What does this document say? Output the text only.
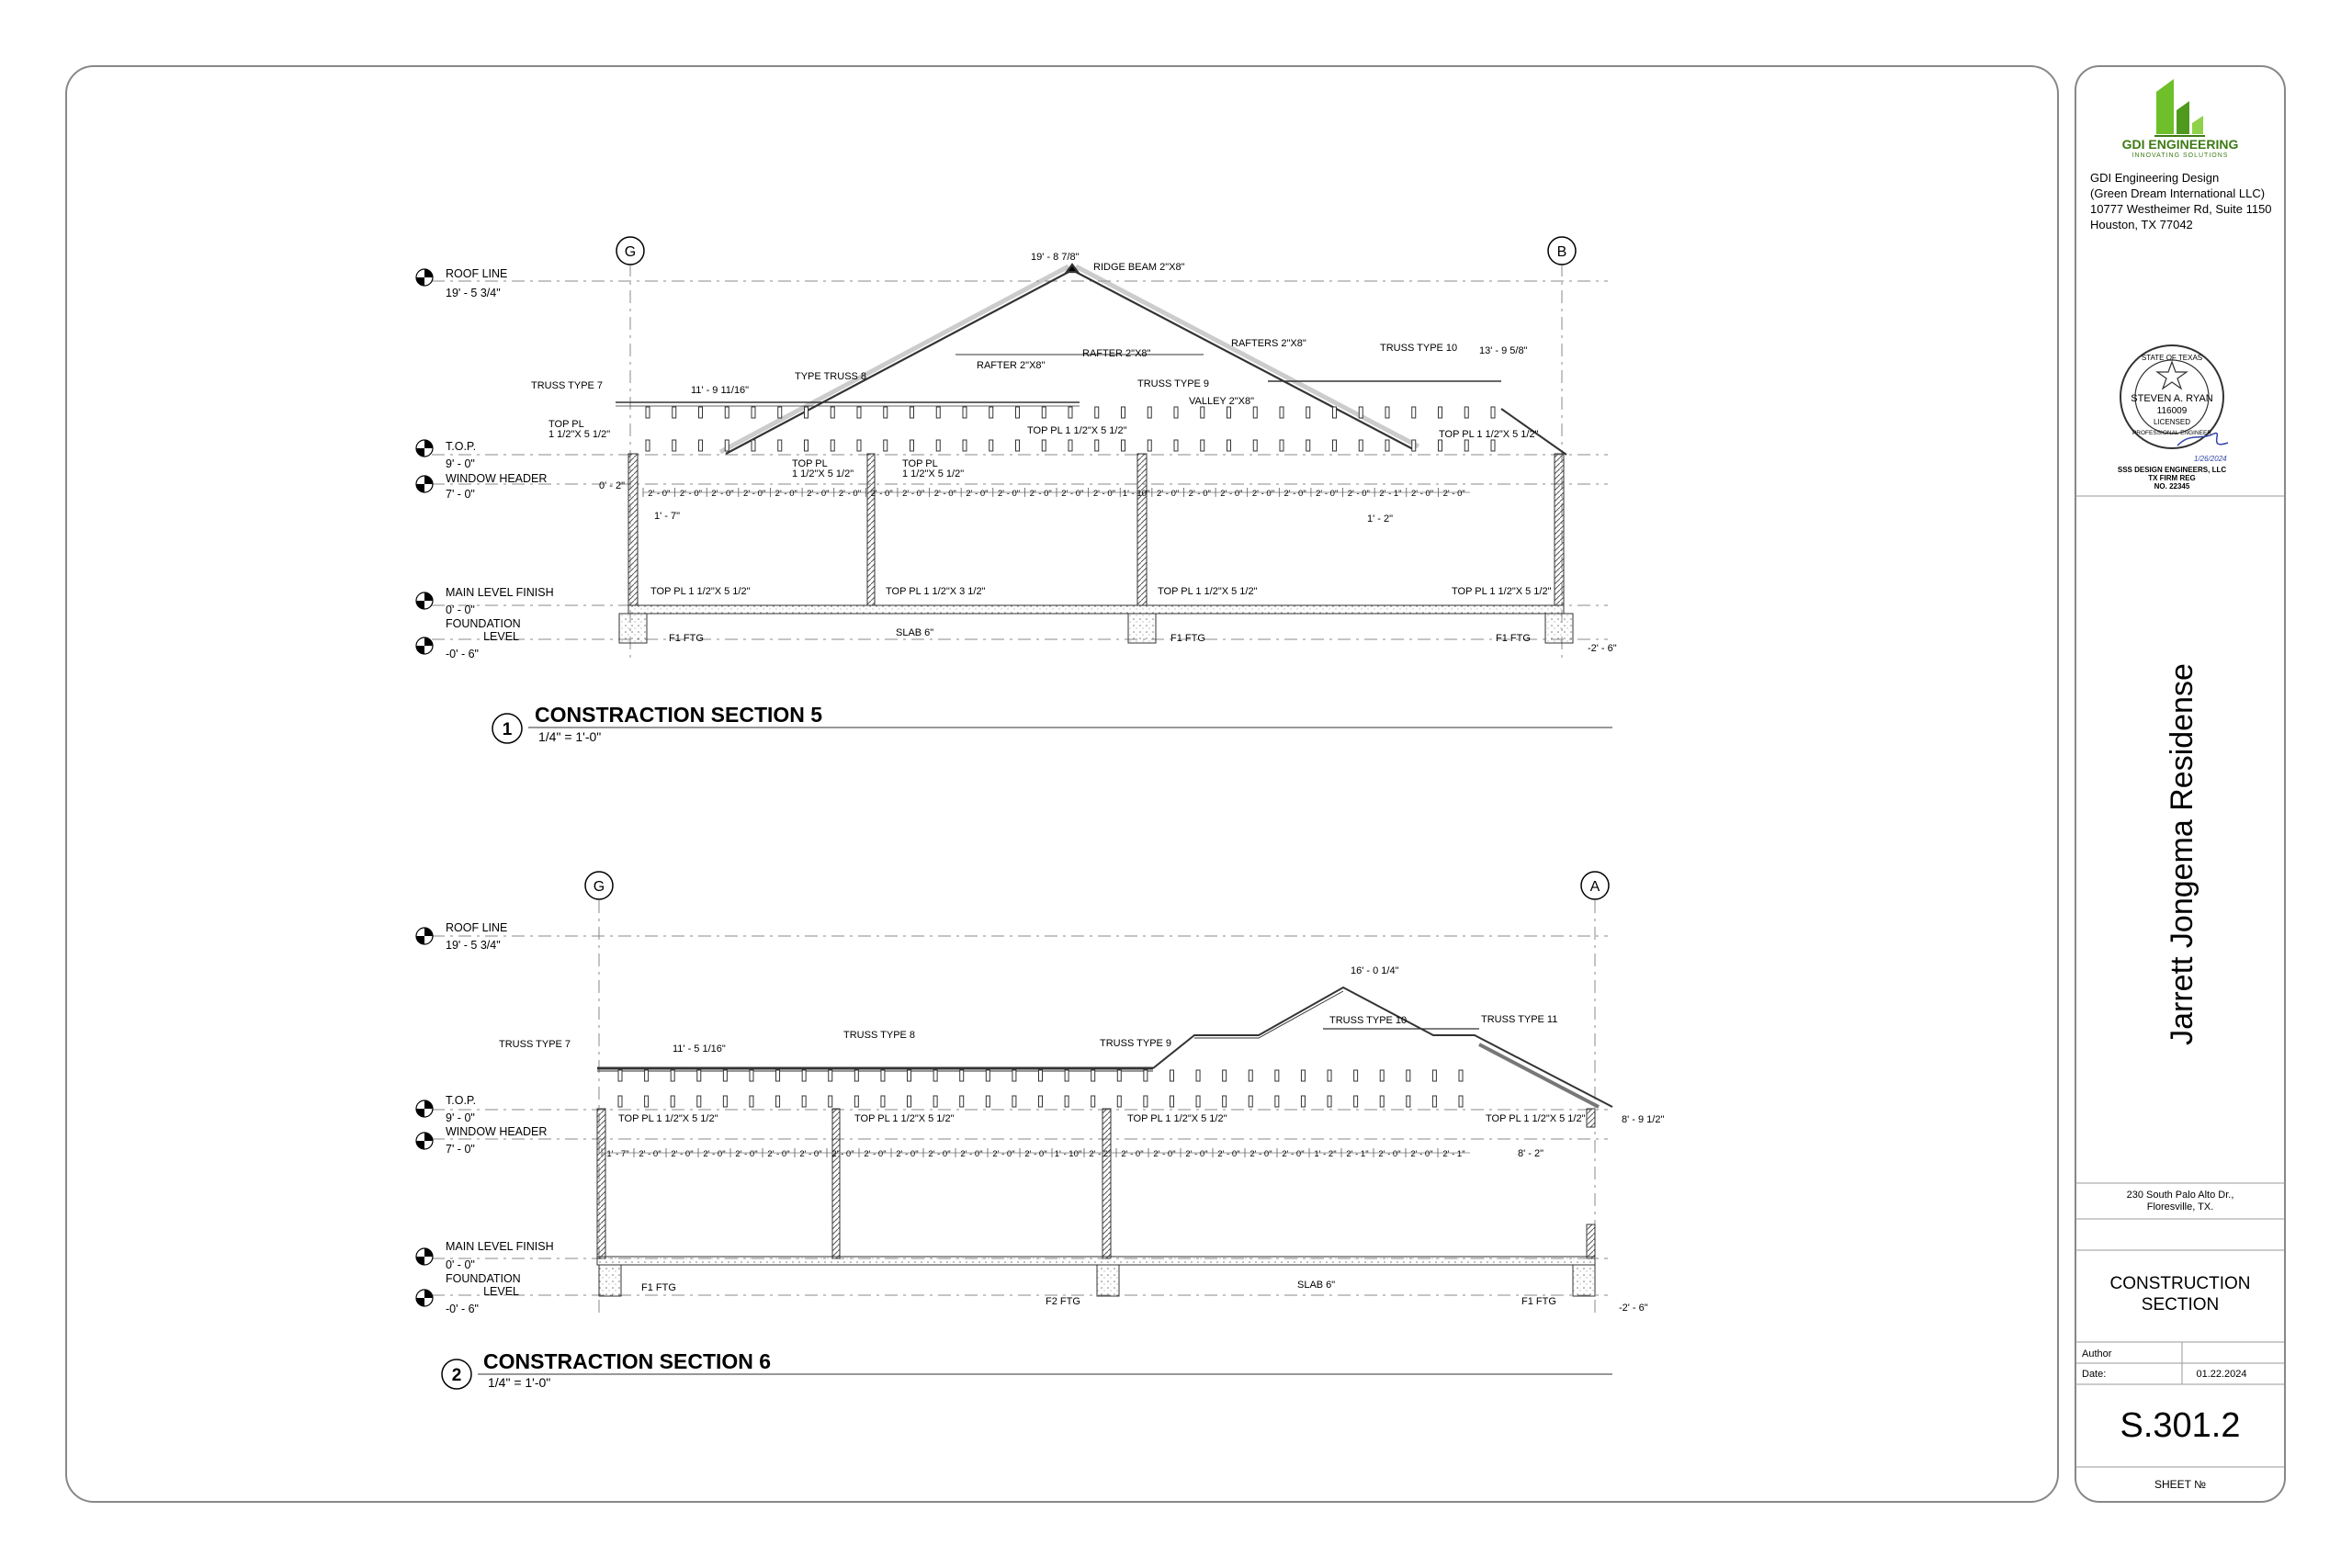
GDI ENGINEERING
INNOVATING SOLUTIONS
GDI Engineering Design
(Green Dream International LLC)
10777 Westheimer Rd, Suite 1150
Houston, TX 77042
STATE OF TEXAS
STEVEN A. RYAN
116009
LICENSED
PROFESSIONAL ENGINEER
1/26/2024
SSS DESIGN ENGINEERS, LLC
TX FIRM REG
NO. 22345
Jarrett Jongema Residense
230 South Palo Alto Dr.,
Floresville, TX.
CONSTRUCTION
SECTION
Author
Date:	01.22.2024
S.301.2
SHEET №
G	B
ROOF LINE
19' - 5 3/4"
T.O.P.
9' - 0"
WINDOW HEADER
7' - 0"
MAIN LEVEL FINISH
0' - 0"
FOUNDATION
LEVEL
-0' - 6"
19' - 8 7/8"
RIDGE BEAM 2"X8"
RAFTER 2"X8"
RAFTER 2"X8"
RAFTERS 2"X8"	TRUSS TYPE 10 13' - 9 5/8"
TYPE TRUSS 8
TRUSS TYPE 7	TRUSS TYPE 9
VALLEY 2"X8"
11' - 9 11/16"
TOP PL
1 1/2"X 5 1/2"
TOP PL
1 1/2"X 5 1/2"
TOP PL
1 1/2"X 5 1/2"
TOP PL 1 1/2"X 5 1/2"	TOP PL 1 1/2"X 5 1/2"
0' - 2"
1' - 7"	1' - 2"
2' - 0" 2' - 0" 2' - 0" 2' - 0" 2' - 0" 2' - 0" 2' - 0" 2' - 0" 2' - 0" 2' - 0" 2' - 0" 2' - 0" 2' - 0" 2' - 0" 2' - 0" 1' - 10" 2' - 0" 2' - 0" 2' - 0" 2' - 0" 2' - 0" 2' - 0" 2' - 0" 2' - 1" 2' - 0" 2' - 0"
TOP PL 1 1/2"X 5 1/2"	TOP PL 1 1/2"X 3 1/2"	TOP PL 1 1/2"X 5 1/2"	TOP PL 1 1/2"X 5 1/2"
F1 FTG	SLAB 6"	F1 FTG	F1 FTG
-2' - 6"
1
CONSTRACTION SECTION 5
1/4" = 1'-0"
G	A
ROOF LINE
19' - 5 3/4"
T.O.P.
9' - 0"
WINDOW HEADER
7' - 0"
MAIN LEVEL FINISH
0' - 0"
FOUNDATION
LEVEL
-0' - 6"
16' - 0 1/4"
TRUSS TYPE 7
TRUSS TYPE 8
TRUSS TYPE 9
TRUSS TYPE 10	TRUSS TYPE 11
11' - 5 1/16"
TOP PL 1 1/2"X 5 1/2"	TOP PL 1 1/2"X 5 1/2"	TOP PL 1 1/2"X 5 1/2"	TOP PL 1 1/2"X 5 1/2"	8' - 9 1/2"
1' - 7" 2' - 0" 2' - 0" 2' - 0" 2' - 0" 2' - 0" 2' - 0" 2' - 0" 2' - 0" 2' - 0" 2' - 0" 2' - 0" 2' - 0" 2' - 0" 1' - 10" 2' - 2" 2' - 0" 2' - 0" 2' - 0" 2' - 0" 2' - 0" 2' - 0" 1' - 2" 2' - 1" 2' - 0" 2' - 0" 2' - 1"	8' - 2"
F1 FTG
F2 FTG
SLAB 6"
F1 FTG
-2' - 6"
2
CONSTRACTION SECTION 6
1/4" = 1'-0"
